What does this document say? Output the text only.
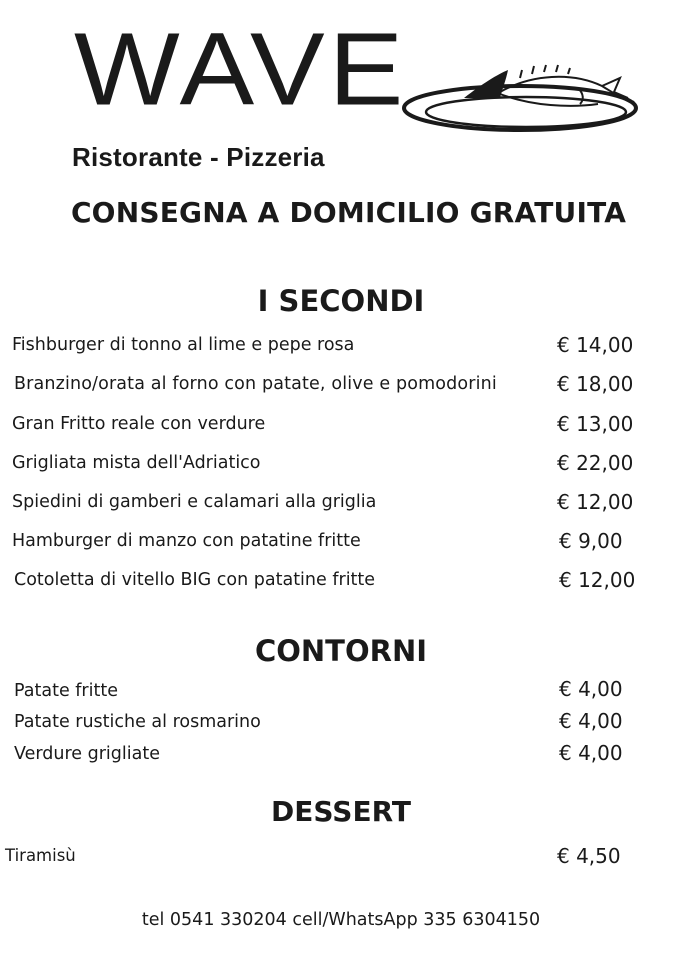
WAVE
Ristorante - Pizzeria
CONSEGNA A DOMICILIO GRATUITA
I SECONDI
Fishburger di tonno al lime e pepe rosa	€ 14,00
Branzino/orata al forno con patate, olive e pomodorini	€ 18,00
Gran Fritto reale con verdure	€ 13,00
Grigliata mista dell'Adriatico	€ 22,00
Spiedini di gamberi e calamari alla griglia	€ 12,00
Hamburger di manzo con patatine fritte	€ 9,00
Cotoletta di vitello BIG con patatine fritte	€ 12,00
CONTORNI
Patate fritte	€ 4,00
Patate rustiche al rosmarino	€ 4,00
Verdure grigliate	€ 4,00
DESSERT
Tiramisù	€ 4,50
tel 0541 330204 cell/WhatsApp 335 6304150
